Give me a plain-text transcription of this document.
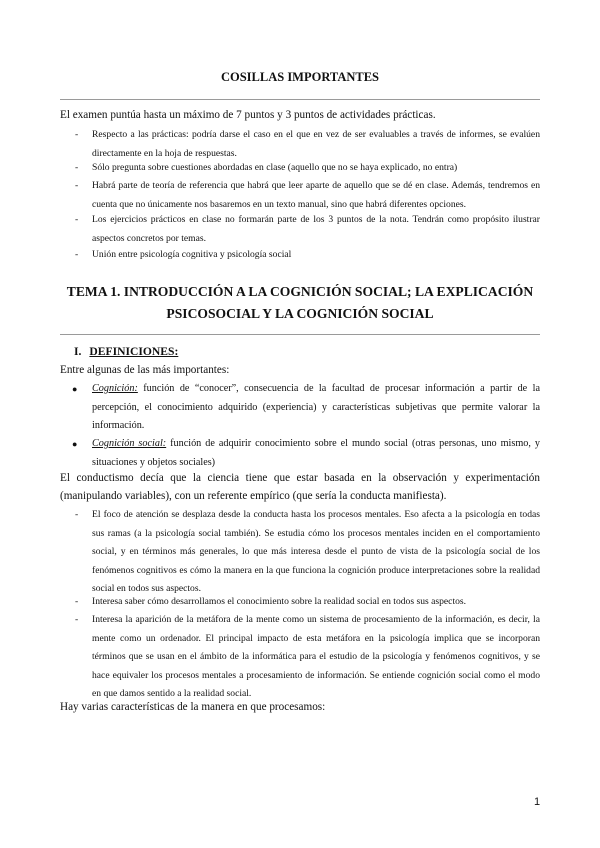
COSILLAS IMPORTANTES
El examen puntúa hasta un máximo de 7 puntos y 3 puntos de actividades prácticas.
- Respecto a las prácticas: podría darse el caso en el que en vez de ser evaluables a través de informes, se evalúen directamente en la hoja de respuestas.
- Sólo pregunta sobre cuestiones abordadas en clase (aquello que no se haya explicado, no entra)
- Habrá parte de teoría de referencia que habrá que leer aparte de aquello que se dé en clase. Además, tendremos en cuenta que no únicamente nos basaremos en un texto manual, sino que habrá diferentes opciones.
- Los ejercicios prácticos en clase no formarán parte de los 3 puntos de la nota. Tendrán como propósito ilustrar aspectos concretos por temas.
- Unión entre psicología cognitiva y psicología social
TEMA 1. INTRODUCCIÓN A LA COGNICIÓN SOCIAL; LA EXPLICACIÓN
PSICOSOCIAL Y LA COGNICIÓN SOCIAL
I. DEFINICIONES:
Entre algunas de las más importantes:
● Cognición: función de “conocer”, consecuencia de la facultad de procesar información a partir de la percepción, el conocimiento adquirido (experiencia) y características subjetivas que permite valorar la información.
● Cognición social: función de adquirir conocimiento sobre el mundo social (otras personas, uno mismo, y situaciones y objetos sociales)
El conductismo decía que la ciencia tiene que estar basada en la observación y experimentación (manipulando variables), con un referente empírico (que sería la conducta manifiesta).
- El foco de atención se desplaza desde la conducta hasta los procesos mentales. Eso afecta a la psicología en todas sus ramas (a la psicología social también). Se estudia cómo los procesos mentales inciden en el comportamiento social, y en términos más generales, lo que más interesa desde el punto de vista de la psicología social de los fenómenos cognitivos es cómo la manera en la que funciona la cognición produce interpretaciones sobre la realidad social en todos sus aspectos.
- Interesa saber cómo desarrollamos el conocimiento sobre la realidad social en todos sus aspectos.
- Interesa la aparición de la metáfora de la mente como un sistema de procesamiento de la información, es decir, la mente como un ordenador. El principal impacto de esta metáfora en la psicología implica que se incorporan términos que se usan en el ámbito de la informática para el estudio de la psicología y fenómenos cognitivos, y se hace equivaler los procesos mentales a procesamiento de información. Se entiende cognición social como el modo en que damos sentido a la realidad social.
Hay varias características de la manera en que procesamos:
1
